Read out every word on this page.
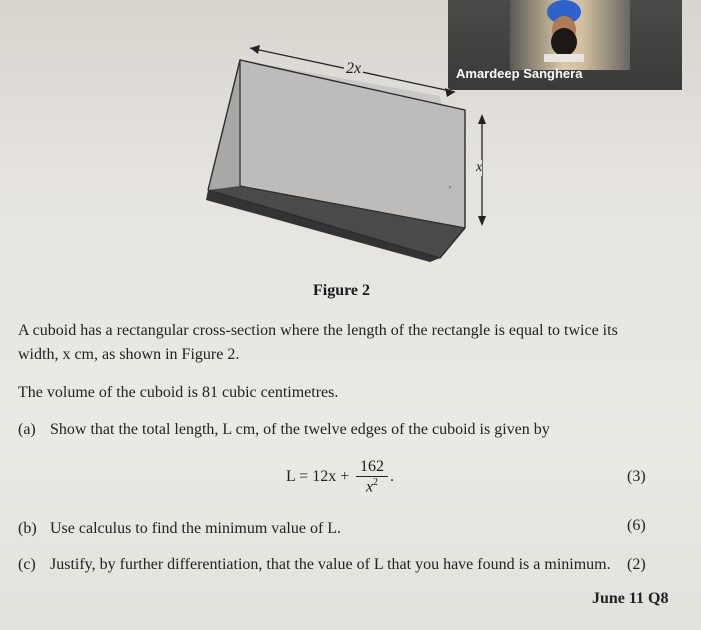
,
2x
x
Figure 2
Amardeep Sanghera
A cuboid has a rectangular cross-section where the length of the rectangle is equal to twice its
width, x cm, as shown in Figure 2.
The volume of the cuboid is 81 cubic centimetres.
(a) Show that the total length, L cm, of the twelve edges of the cuboid is given by
$L = 12x + \frac{162}{x^2}$ .	(3)
(b) Use calculus to find the minimum value of L.	(6)
(c) Justify, by further differentiation, that the value of L that you have found is a minimum. (2)
June 11 Q8
